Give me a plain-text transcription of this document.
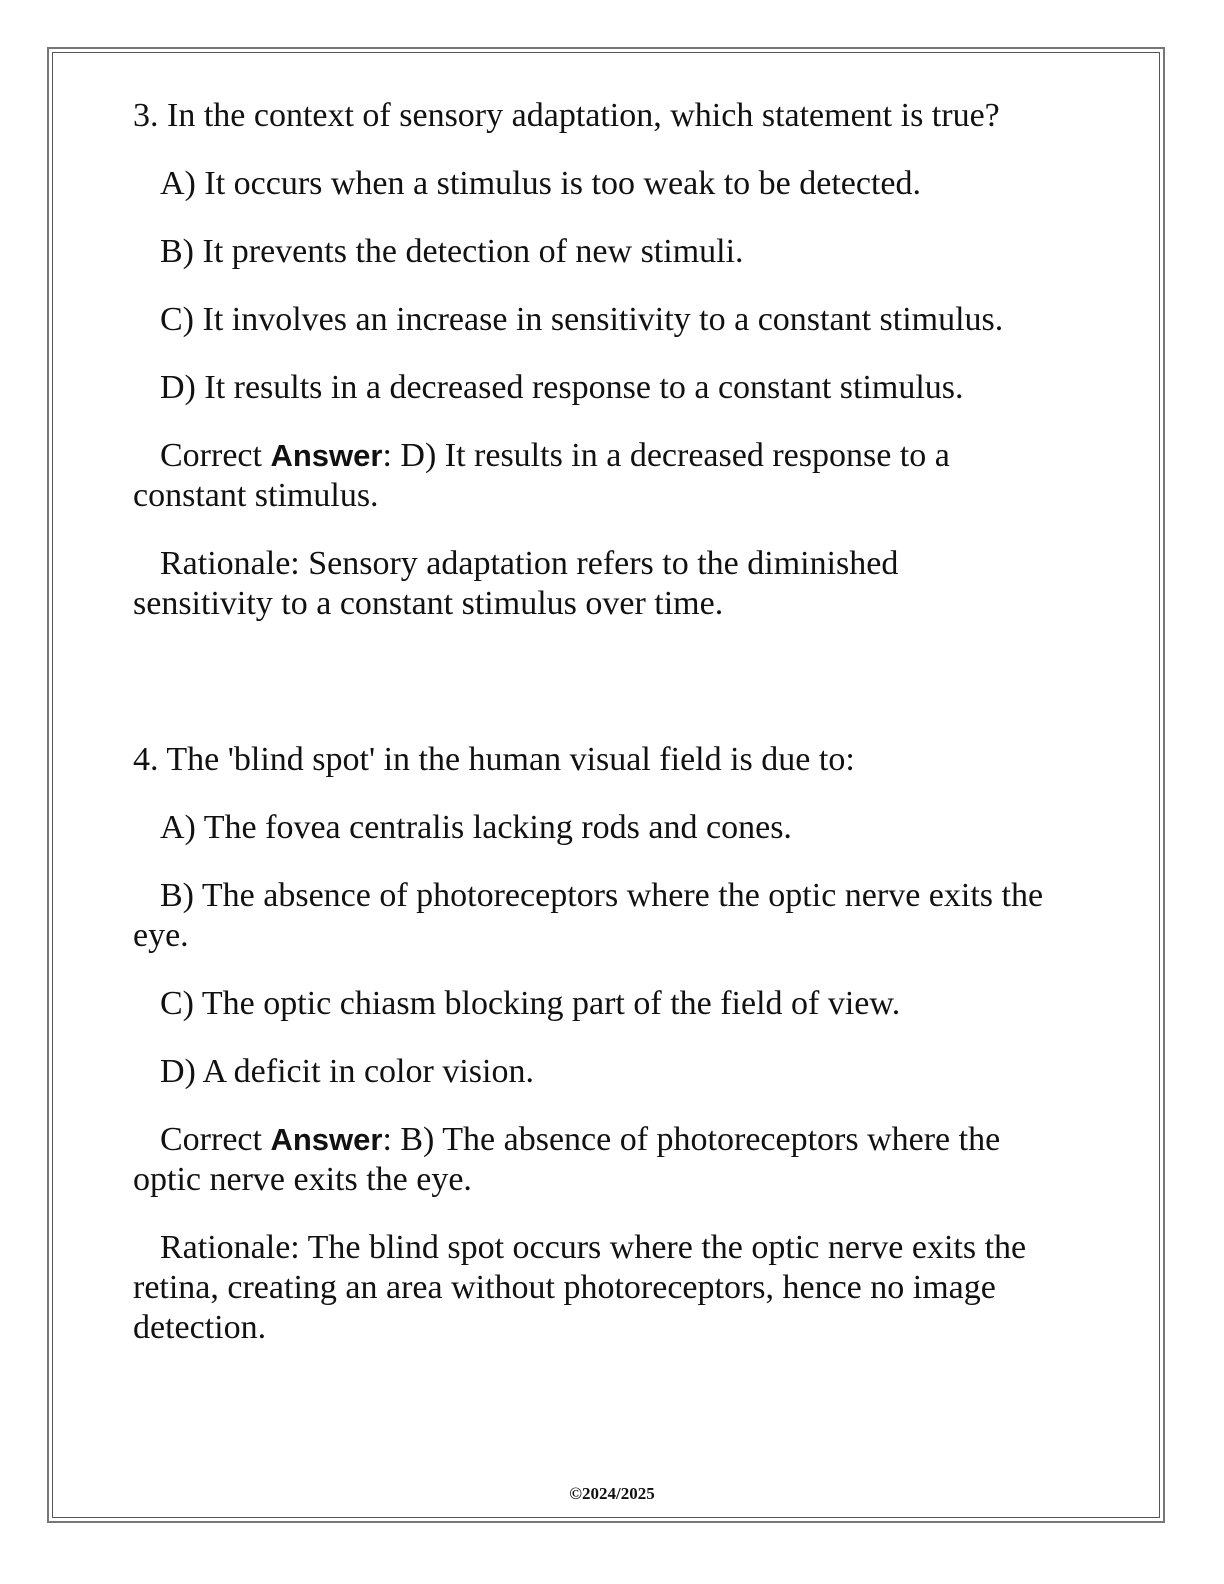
3. In the context of sensory adaptation, which statement is true?

A) It occurs when a stimulus is too weak to be detected.

B) It prevents the detection of new stimuli.

C) It involves an increase in sensitivity to a constant stimulus.

D) It results in a decreased response to a constant stimulus.

Correct Answer: D) It results in a decreased response to a constant stimulus.

Rationale: Sensory adaptation refers to the diminished sensitivity to a constant stimulus over time.

4. The 'blind spot' in the human visual field is due to:

A) The fovea centralis lacking rods and cones.

B) The absence of photoreceptors where the optic nerve exits the eye.

C) The optic chiasm blocking part of the field of view.

D) A deficit in color vision.

Correct Answer: B) The absence of photoreceptors where the optic nerve exits the eye.

Rationale: The blind spot occurs where the optic nerve exits the retina, creating an area without photoreceptors, hence no image detection.

©2024/2025
